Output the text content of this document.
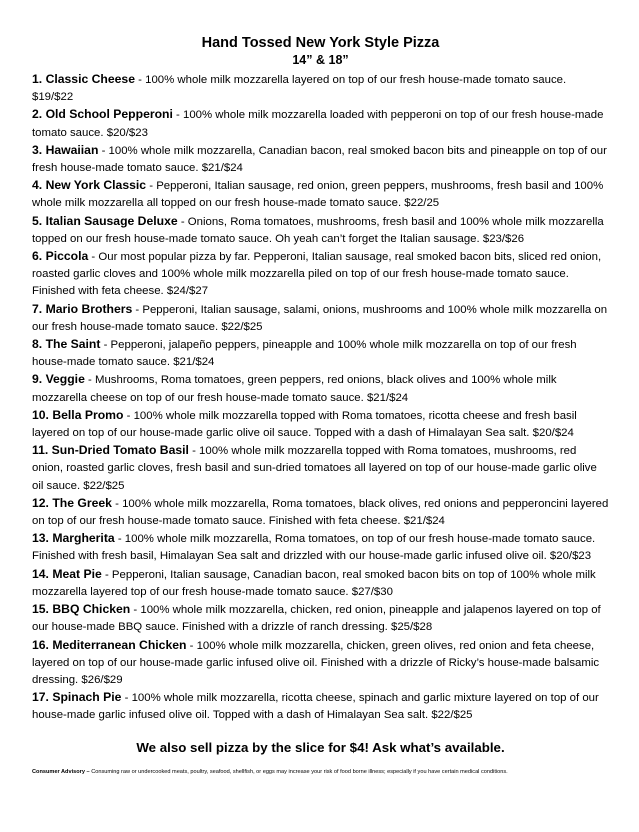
Hand Tossed New York Style Pizza
14” & 18”
1. Classic Cheese - 100% whole milk mozzarella layered on top of our fresh house-made tomato sauce. $19/$22
2. Old School Pepperoni - 100% whole milk mozzarella loaded with pepperoni on top of our fresh house-made tomato sauce. $20/$23
3. Hawaiian - 100% whole milk mozzarella, Canadian bacon, real smoked bacon bits and pineapple on top of our fresh house-made tomato sauce. $21/$24
4. New York Classic - Pepperoni, Italian sausage, red onion, green peppers, mushrooms, fresh basil and 100% whole milk mozzarella all topped on our fresh house-made tomato sauce. $22/25
5. Italian Sausage Deluxe - Onions, Roma tomatoes, mushrooms, fresh basil and 100% whole milk mozzarella topped on our fresh house-made tomato sauce. Oh yeah can’t forget the Italian sausage. $23/$26
6. Piccola - Our most popular pizza by far. Pepperoni, Italian sausage, real smoked bacon bits, sliced red onion, roasted garlic cloves and 100% whole milk mozzarella piled on top of our fresh house-made tomato sauce. Finished with feta cheese. $24/$27
7. Mario Brothers - Pepperoni, Italian sausage, salami, onions, mushrooms and 100% whole milk mozzarella on our fresh house-made tomato sauce. $22/$25
8. The Saint - Pepperoni, jalapeño peppers, pineapple and 100% whole milk mozzarella on top of our fresh house-made tomato sauce. $21/$24
9. Veggie - Mushrooms, Roma tomatoes, green peppers, red onions, black olives and 100% whole milk mozzarella cheese on top of our fresh house-made tomato sauce. $21/$24
10. Bella Promo - 100% whole milk mozzarella topped with Roma tomatoes, ricotta cheese and fresh basil layered on top of our house-made garlic olive oil sauce. Topped with a dash of Himalayan Sea salt. $20/$24
11. Sun-Dried Tomato Basil - 100% whole milk mozzarella topped with Roma tomatoes, mushrooms, red onion, roasted garlic cloves, fresh basil and sun-dried tomatoes all layered on top of our house-made garlic olive oil sauce. $22/$25
12. The Greek - 100% whole milk mozzarella, Roma tomatoes, black olives, red onions and pepperoncini layered on top of our fresh house-made tomato sauce. Finished with feta cheese. $21/$24
13. Margherita - 100% whole milk mozzarella, Roma tomatoes, on top of our fresh house-made tomato sauce. Finished with fresh basil, Himalayan Sea salt and drizzled with our house-made garlic infused olive oil. $20/$23
14. Meat Pie - Pepperoni, Italian sausage, Canadian bacon, real smoked bacon bits on top of 100% whole milk mozzarella layered top of our fresh house-made tomato sauce. $27/$30
15. BBQ Chicken - 100% whole milk mozzarella, chicken, red onion, pineapple and jalapenos layered on top of our house-made BBQ sauce. Finished with a drizzle of ranch dressing. $25/$28
16. Mediterranean Chicken - 100% whole milk mozzarella, chicken, green olives, red onion and feta cheese, layered on top of our house-made garlic infused olive oil. Finished with a drizzle of Ricky’s house-made balsamic dressing. $26/$29
17. Spinach Pie - 100% whole milk mozzarella, ricotta cheese, spinach and garlic mixture layered on top of our house-made garlic infused olive oil. Topped with a dash of Himalayan Sea salt. $22/$25
We also sell pizza by the slice for $4! Ask what’s available.
Consumer Advisory – Consuming raw or undercooked meats, poultry, seafood, shellfish, or eggs may increase your risk of food borne illness; especially if you have certain medical conditions.
